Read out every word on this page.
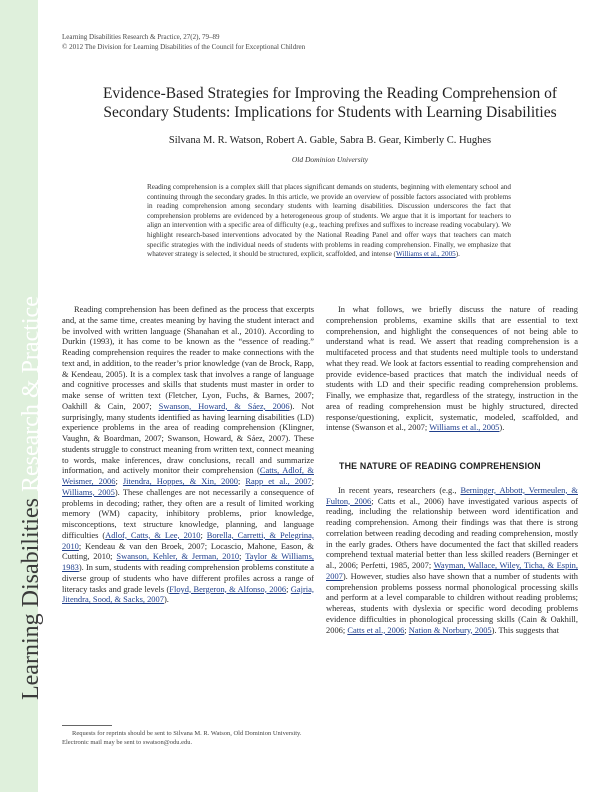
Learning Disabilities Research & Practice
Learning Disabilities Research & Practice, 27(2), 79–89
© 2012 The Division for Learning Disabilities of the Council for Exceptional Children
Evidence-Based Strategies for Improving the Reading Comprehension of
Secondary Students: Implications for Students with Learning Disabilities
Silvana M. R. Watson, Robert A. Gable, Sabra B. Gear, Kimberly C. Hughes
Old Dominion University
Reading comprehension is a complex skill that places significant demands on students, beginning with elementary school and continuing through the secondary grades. In this article, we provide an overview of possible factors associated with problems in reading comprehension among secondary students with learning disabilities. Discussion underscores the fact that comprehension problems are evidenced by a heterogeneous group of students. We argue that it is important for teachers to align an intervention with a specific area of difficulty (e.g., teaching prefixes and suffixes to increase reading vocabulary). We highlight research-based interventions advocated by the National Reading Panel and offer ways that teachers can match specific strategies with the individual needs of students with problems in reading comprehension. Finally, we emphasize that whatever strategy is selected, it should be structured, explicit, scaffolded, and intense (Williams et al., 2005).

Reading comprehension has been defined as the process that excerpts and, at the same time, creates meaning by having the student interact and be involved with written language (Shanahan et al., 2010). According to Durkin (1993), it has come to be known as the “essence of reading.” Reading comprehension requires the reader to make connections with the text and, in addition, to the reader’s prior knowledge (van de Brock, Rapp, & Kendeau, 2005). It is a complex task that involves a range of language and cognitive processes and skills that students must master in order to make sense of written text (Fletcher, Lyon, Fuchs, & Barnes, 2007; Oakhill & Cain, 2007; Swanson, Howard, & Sáez, 2006). Not surprisingly, many students identified as having learning disabilities (LD) experience problems in the area of reading comprehension (Klingner, Vaughn, & Boardman, 2007; Swanson, Howard, & Sáez, 2007). These students struggle to construct meaning from written text, connect meaning to words, make inferences, draw conclusions, recall and summarize information, and actively monitor their comprehension (Catts, Adlof, & Weismer, 2006; Jitendra, Hoppes, & Xin, 2000; Rapp et al., 2007; Williams, 2005). These challenges are not necessarily a consequence of problems in decoding; rather, they often are a result of limited working memory (WM) capacity, inhibitory problems, prior knowledge, misconceptions, text structure knowledge, planning, and language difficulties (Adlof, Catts, & Lee, 2010; Borella, Carretti, & Pelegrina, 2010; Kendeau & van den Broek, 2007; Locascio, Mahone, Eason, & Cutting, 2010; Swanson, Kehler, & Jerman, 2010; Taylor & Williams, 1983). In sum, students with reading comprehension problems constitute a diverse group of students who have different profiles across a range of literacy tasks and grade levels (Floyd, Bergeron, & Alfonso, 2006; Gajria, Jitendra, Sood, & Sacks, 2007).

In what follows, we briefly discuss the nature of reading comprehension problems, examine skills that are essential to text comprehension, and highlight the consequences of not being able to understand what is read. We assert that reading comprehension is a multifaceted process and that students need multiple tools to understand what they read. We look at factors essential to reading comprehension and provide evidence-based practices that match the individual needs of students with LD and their specific reading comprehension problems. Finally, we emphasize that, regardless of the strategy, instruction in the area of reading comprehension must be highly structured, directed response/questioning, explicit, systematic, modeled, scaffolded, and intense (Swanson et al., 2007; Williams et al., 2005).

THE NATURE OF READING COMPREHENSION

In recent years, researchers (e.g., Berninger, Abbott, Vermeulen, & Fulton, 2006; Catts et al., 2006) have investigated various aspects of reading, including the relationship between word identification and reading comprehension. Among their findings was that there is strong correlation between reading decoding and reading comprehension, mostly in the early grades. Others have documented the fact that skilled readers comprehend textual material better than less skilled readers (Berninger et al., 2006; Perfetti, 1985, 2007; Wayman, Wallace, Wiley, Ticha, & Espin, 2007). However, studies also have shown that a number of students with comprehension problems possess normal phonological processing skills and perform at a level comparable to children without reading problems; whereas, students with dyslexia or specific word decoding problems evidence difficulties in phonological processing skills (Cain & Oakhill, 2006; Catts et al., 2006; Nation & Norbury, 2005). This suggests that

Requests for reprints should be sent to Silvana M. R. Watson, Old Dominion University. Electronic mail may be sent to swatson@odu.edu.
